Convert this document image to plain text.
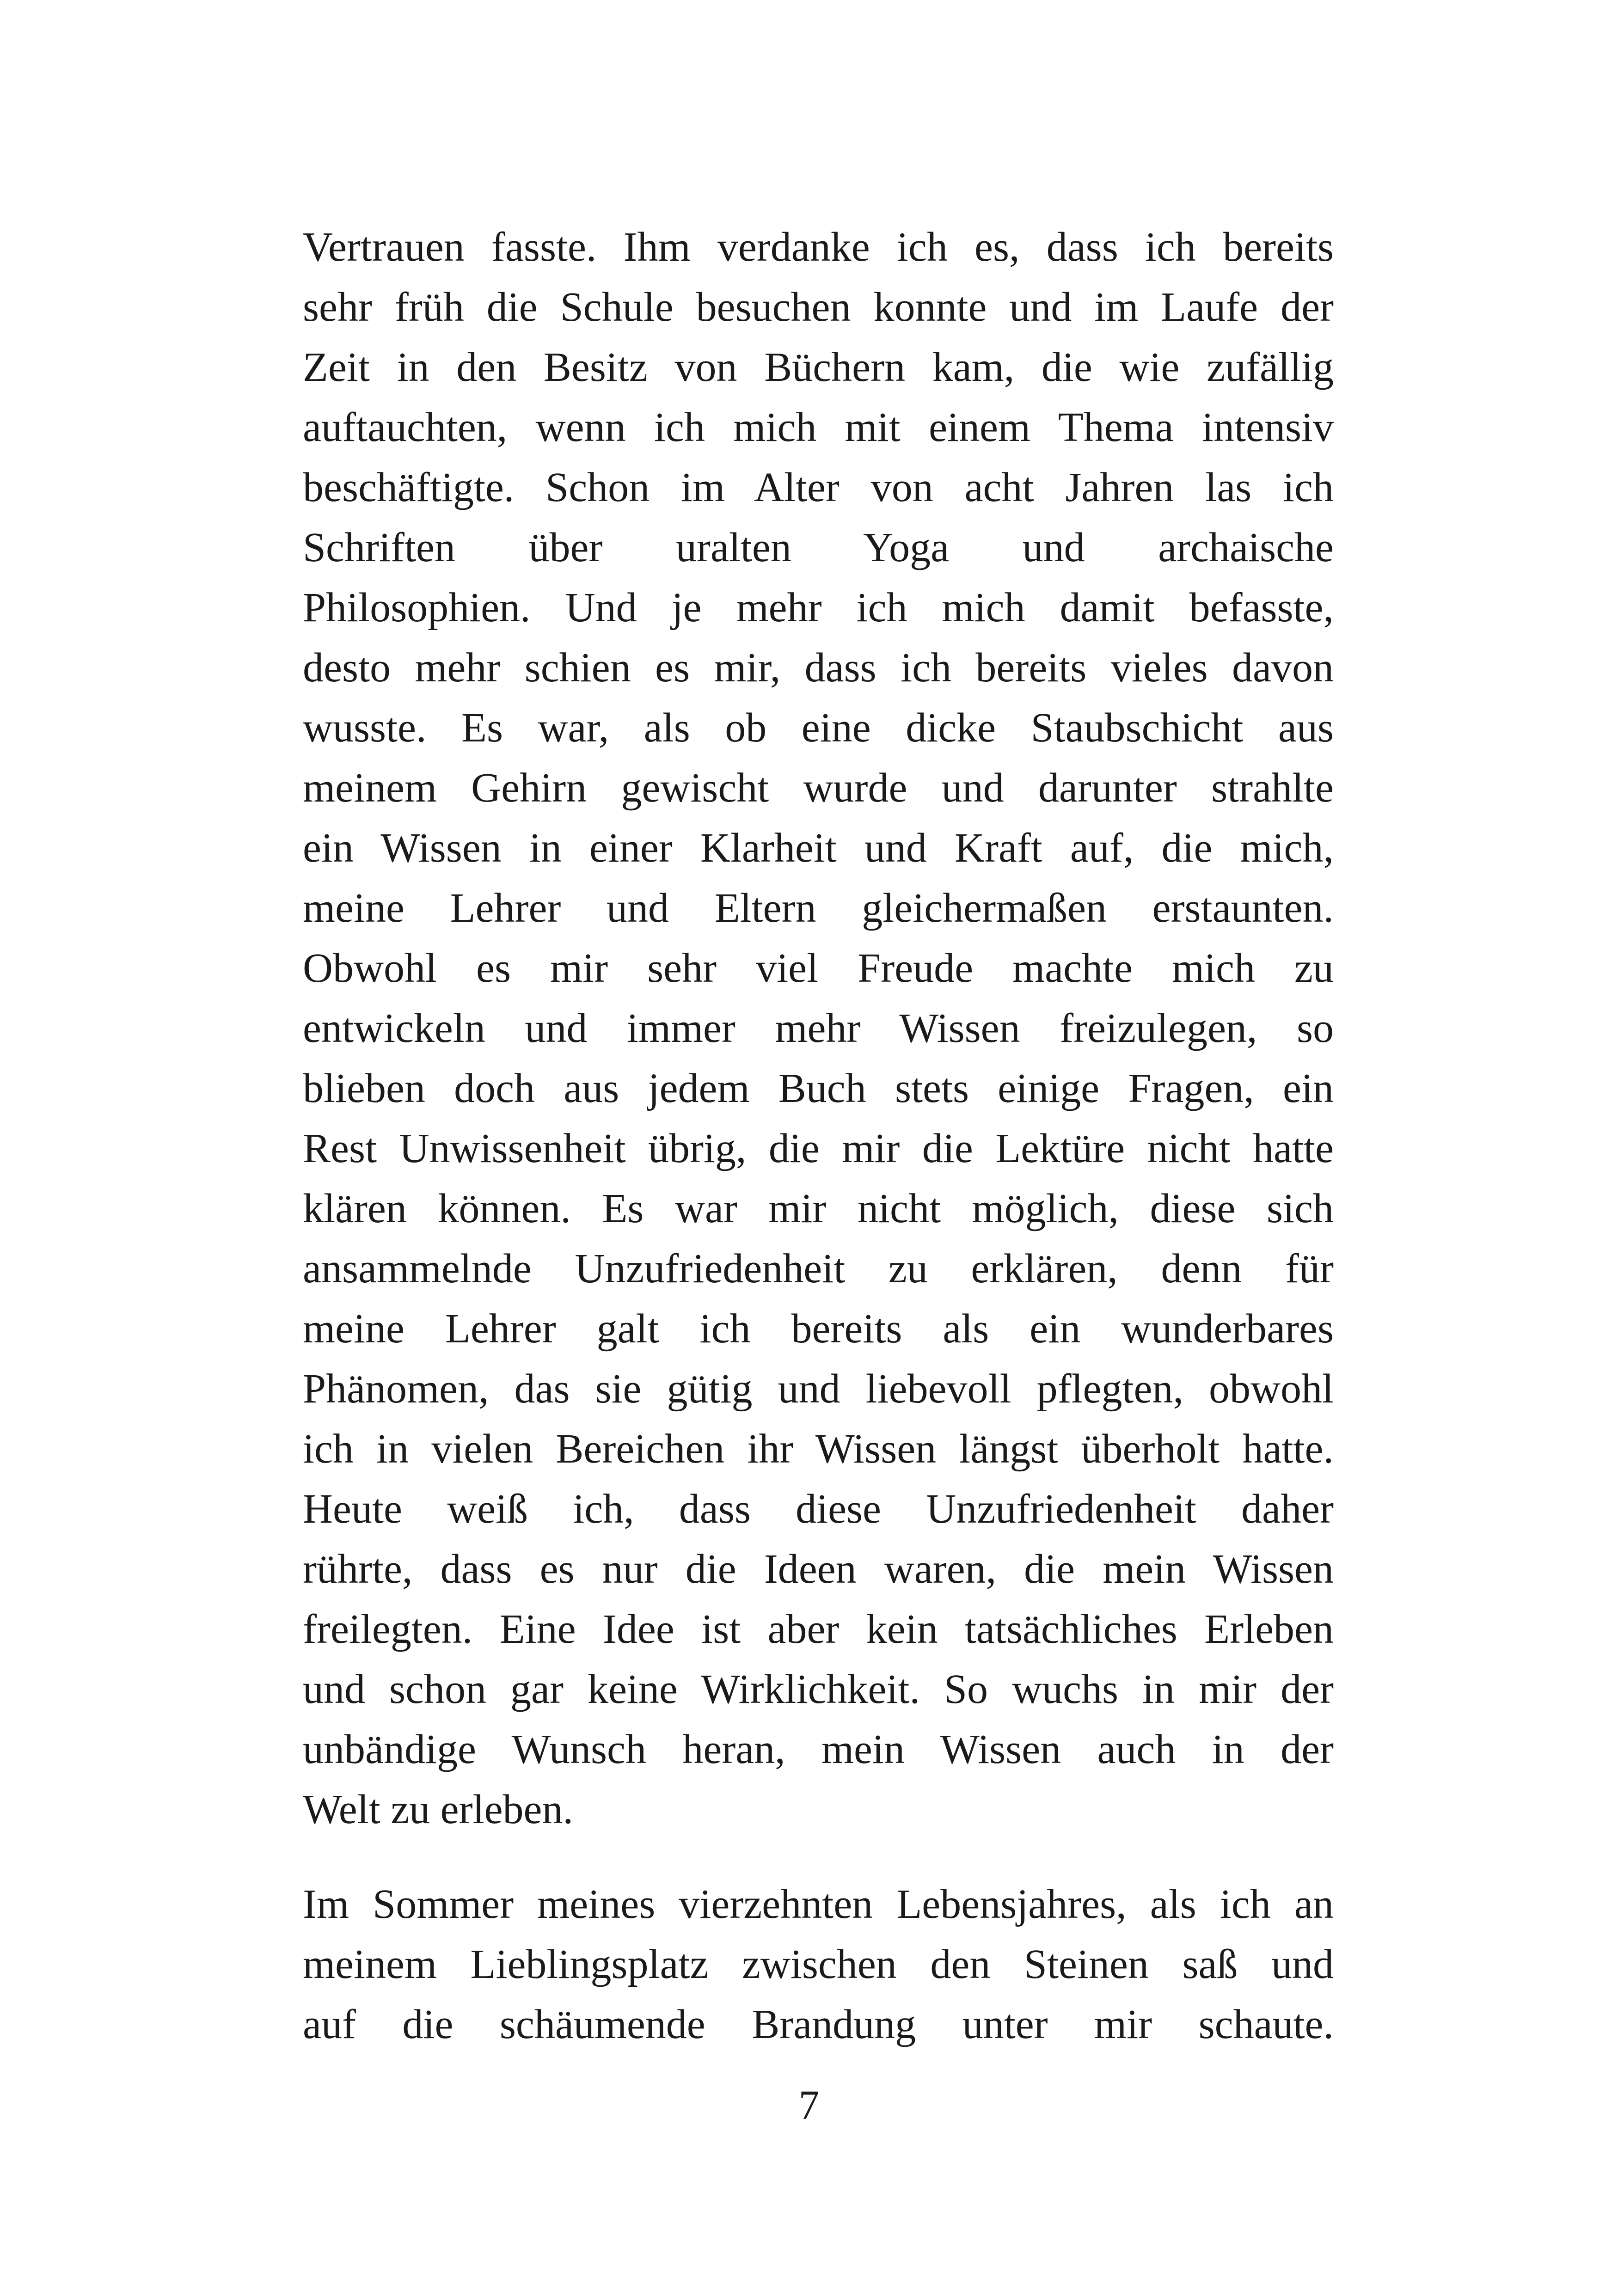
Vertrauen fasste. Ihm verdanke ich es, dass ich bereits
sehr früh die Schule besuchen konnte und im Laufe der
Zeit in den Besitz von Büchern kam, die wie zufällig
auftauchten, wenn ich mich mit einem Thema intensiv
beschäftigte. Schon im Alter von acht Jahren las ich
Schriften über uralten Yoga und archaische
Philosophien. Und je mehr ich mich damit befasste,
desto mehr schien es mir, dass ich bereits vieles davon
wusste. Es war, als ob eine dicke Staubschicht aus
meinem Gehirn gewischt wurde und darunter strahlte
ein Wissen in einer Klarheit und Kraft auf, die mich,
meine Lehrer und Eltern gleichermaßen erstaunten.
Obwohl es mir sehr viel Freude machte mich zu
entwickeln und immer mehr Wissen freizulegen, so
blieben doch aus jedem Buch stets einige Fragen, ein
Rest Unwissenheit übrig, die mir die Lektüre nicht hatte
klären können. Es war mir nicht möglich, diese sich
ansammelnde Unzufriedenheit zu erklären, denn für
meine Lehrer galt ich bereits als ein wunderbares
Phänomen, das sie gütig und liebevoll pflegten, obwohl
ich in vielen Bereichen ihr Wissen längst überholt hatte.
Heute weiß ich, dass diese Unzufriedenheit daher
rührte, dass es nur die Ideen waren, die mein Wissen
freilegten. Eine Idee ist aber kein tatsächliches Erleben
und schon gar keine Wirklichkeit. So wuchs in mir der
unbändige Wunsch heran, mein Wissen auch in der
Welt zu erleben.
Im Sommer meines vierzehnten Lebensjahres, als ich an
meinem Lieblingsplatz zwischen den Steinen saß und
auf die schäumende Brandung unter mir schaute.
7
